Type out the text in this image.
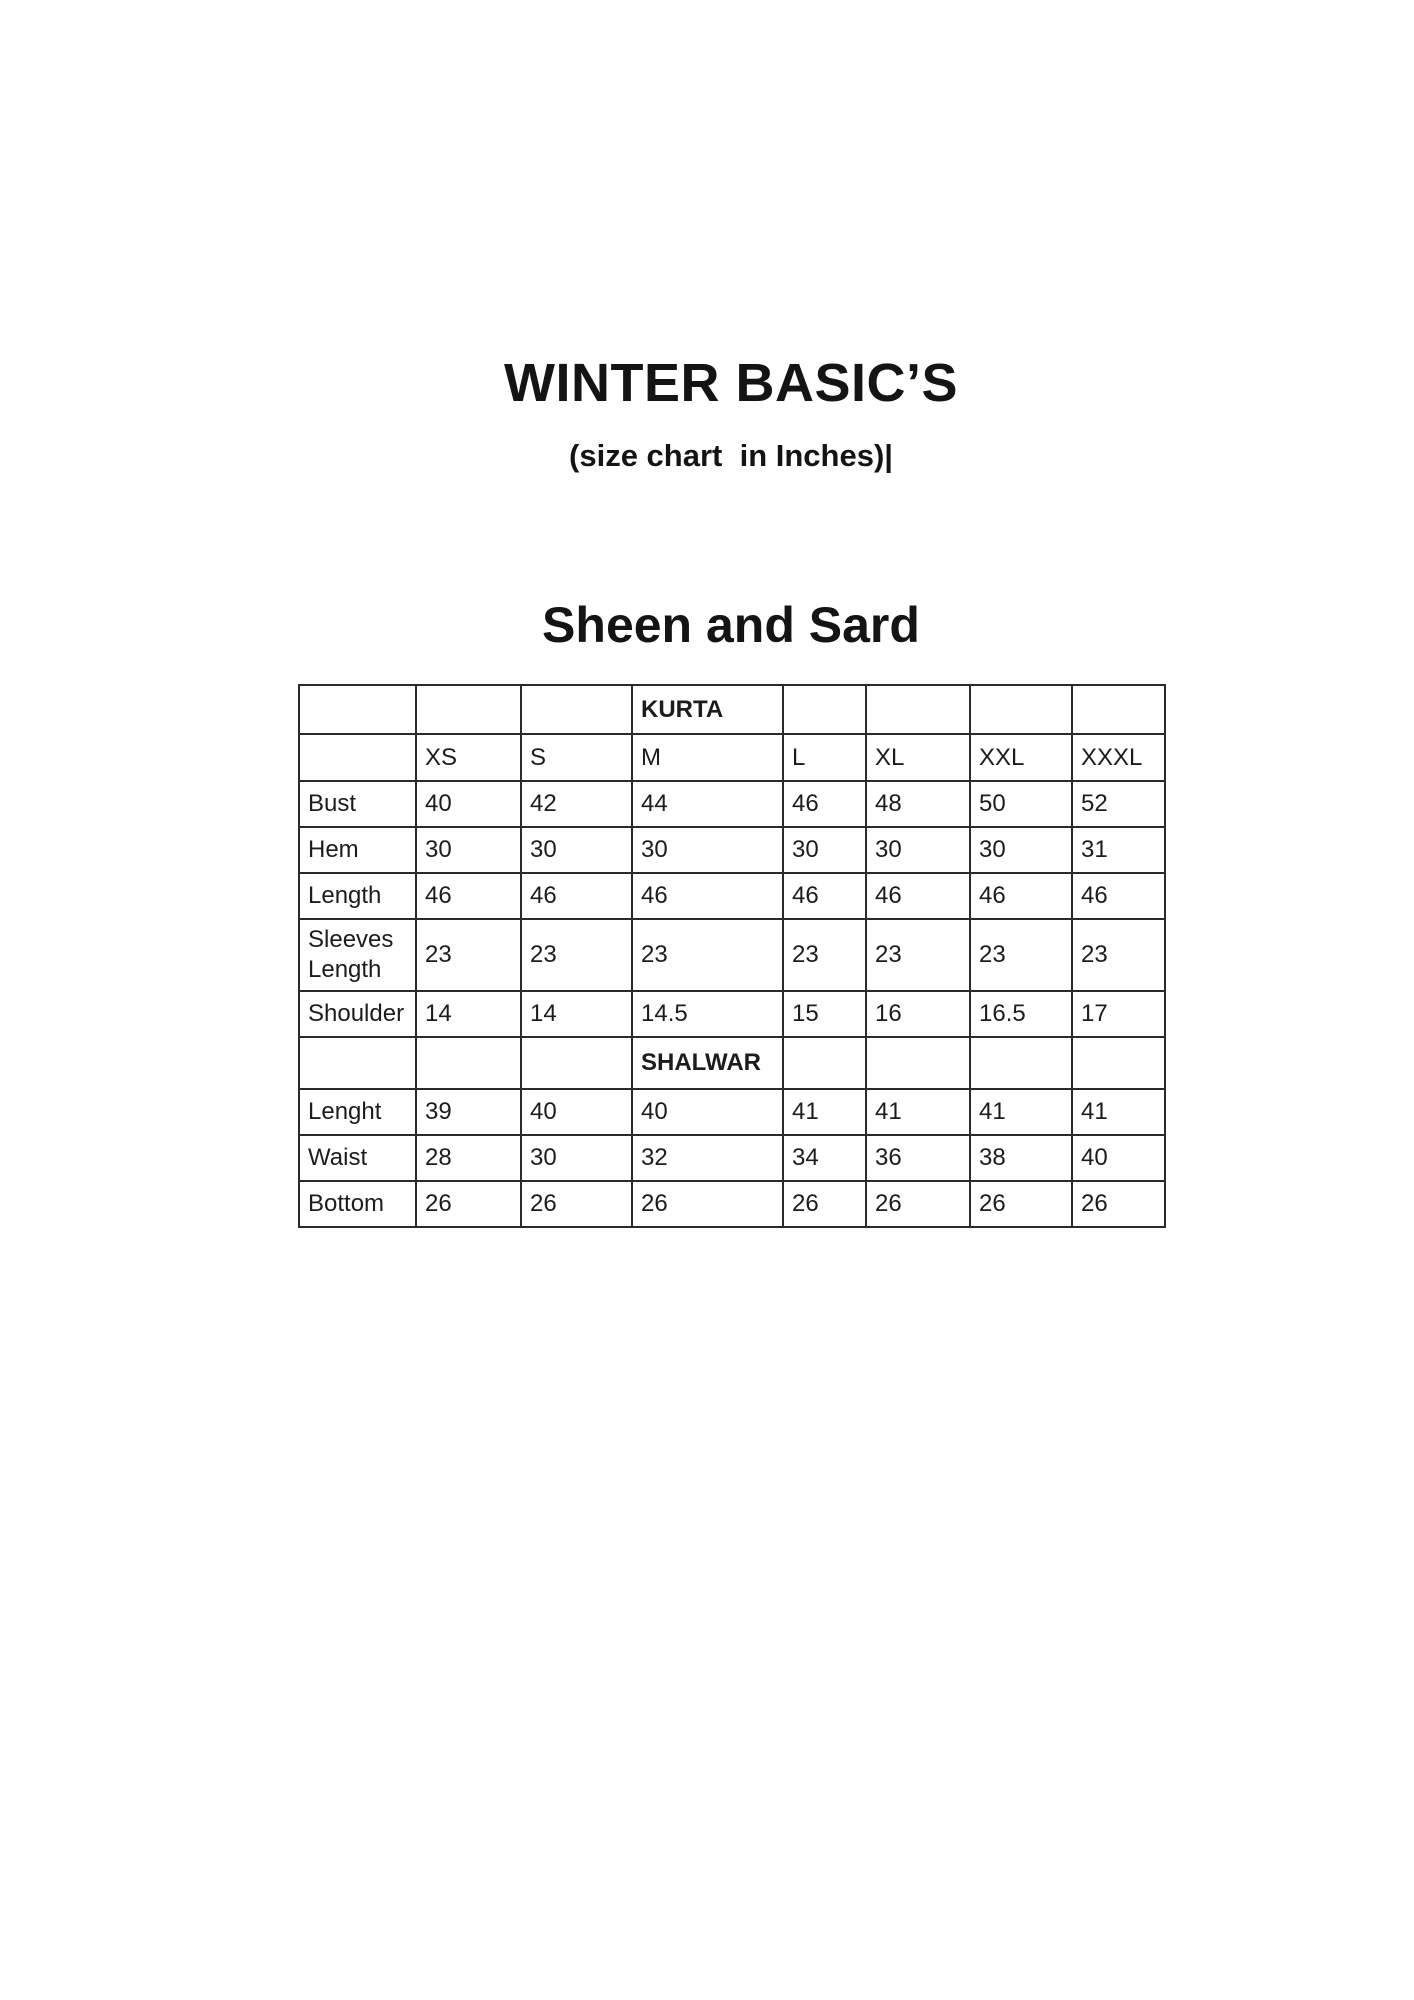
WINTER BASIC’S
(size chart  in Inches)|
Sheen and Sard
			KURTA				
	XS	S	M	L	XL	XXL	XXXL
Bust	40	42	44	46	48	50	52
Hem	30	30	30	30	30	30	31
Length	46	46	46	46	46	46	46
Sleeves Length	23	23	23	23	23	23	23
Shoulder	14	14	14.5	15	16	16.5	17
			SHALWAR				
Lenght	39	40	40	41	41	41	41
Waist	28	30	32	34	36	38	40
Bottom	26	26	26	26	26	26	26
